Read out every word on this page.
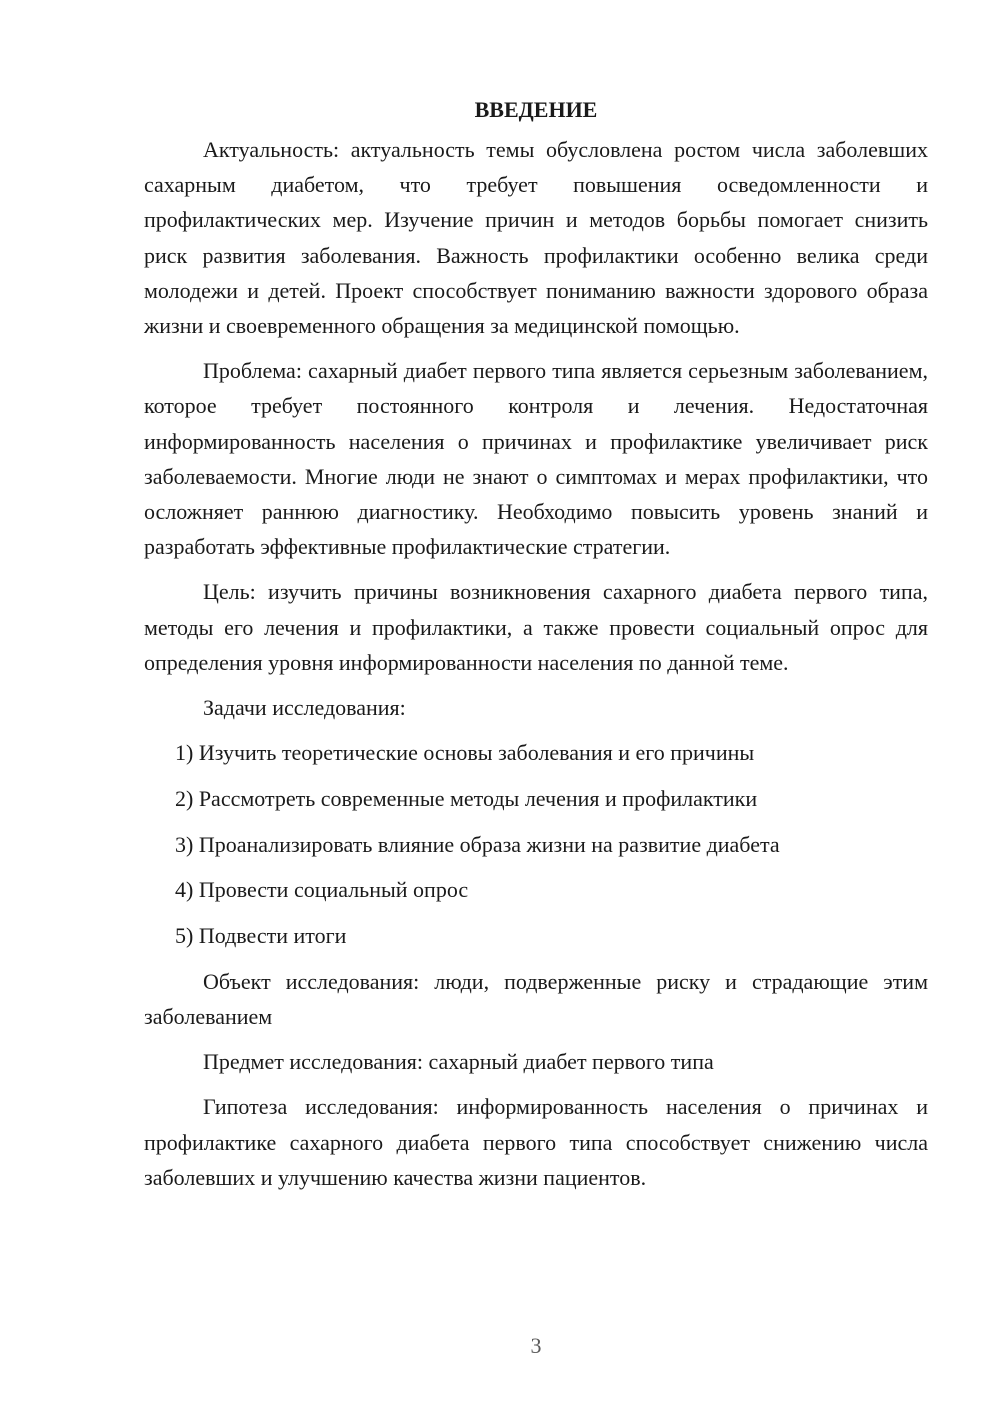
ВВЕДЕНИЕ

Актуальность: актуальность темы обусловлена ростом числа заболевших сахарным диабетом, что требует повышения осведомленности и профилактических мер. Изучение причин и методов борьбы помогает снизить риск развития заболевания. Важность профилактики особенно велика среди молодежи и детей. Проект способствует пониманию важности здорового образа жизни и своевременного обращения за медицинской помощью.

Проблема: сахарный диабет первого типа является серьезным заболеванием, которое требует постоянного контроля и лечения. Недостаточная информированность населения о причинах и профилактике увеличивает риск заболеваемости. Многие люди не знают о симптомах и мерах профилактики, что осложняет раннюю диагностику. Необходимо повысить уровень знаний и разработать эффективные профилактические стратегии.

Цель: изучить причины возникновения сахарного диабета первого типа, методы его лечения и профилактики, а также провести социальный опрос для определения уровня информированности населения по данной теме.

Задачи исследования:

1) Изучить теоретические основы заболевания и его причины
2) Рассмотреть современные методы лечения и профилактики
3) Проанализировать влияние образа жизни на развитие диабета
4) Провести социальный опрос
5) Подвести итоги

Объект исследования: люди, подверженные риску и страдающие этим заболеванием

Предмет исследования: сахарный диабет первого типа

Гипотеза исследования: информированность населения о причинах и профилактике сахарного диабета первого типа способствует снижению числа заболевших и улучшению качества жизни пациентов.

3
